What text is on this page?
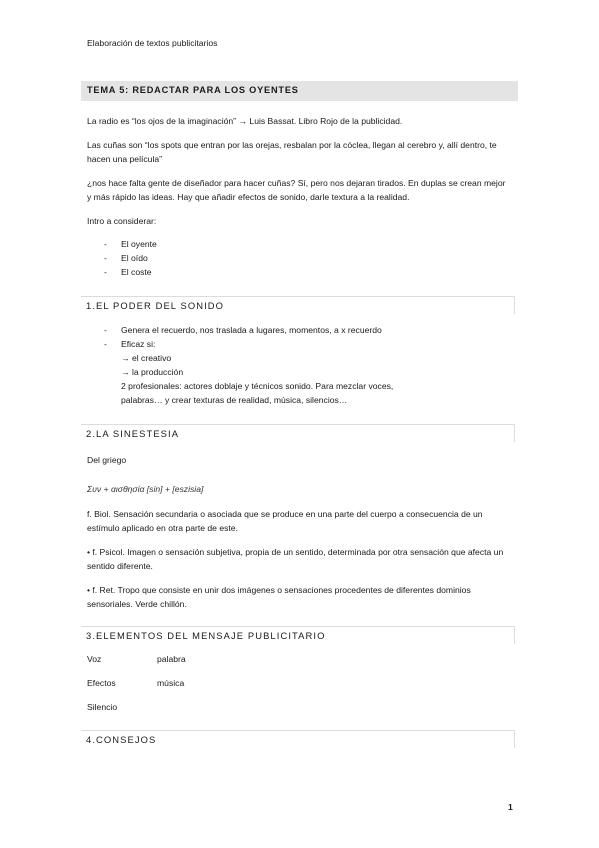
Elaboración de textos publicitarios
TEMA 5: REDACTAR PARA LOS OYENTES
La radio es “los ojos de la imaginación” → Luis Bassat. Libro Rojo de la publicidad.
Las cuñas son “los spots que entran por las orejas, resbalan por la cóclea, llegan al cerebro y, allí dentro, te hacen una película”
¿nos hace falta gente de diseñador para hacer cuñas? Sí, pero nos dejaran tirados. En duplas se crean mejor y más rápido las ideas. Hay que añadir efectos de sonido, darle textura a la realidad.
Intro a considerar:
- El oyente
- El oído
- El coste
1.EL PODER DEL SONIDO
- Genera el recuerdo, nos traslada a lugares, momentos, a x recuerdo
- Eficaz si:
→ el creativo
→ la producción
2 profesionales: actores doblaje y técnicos sonido. Para mezclar voces, palabras… y crear texturas de realidad, música, silencios…
2.LA SINESTESIA
Del griego
Συν + αισθησία [sin] + [eszisia]
f. Biol. Sensación secundaria o asociada que se produce en una parte del cuerpo a consecuencia de un estímulo aplicado en otra parte de este.
• f. Psicol. Imagen o sensación subjetiva, propia de un sentido, determinada por otra sensación que afecta un sentido diferente.
• f. Ret. Tropo que consiste en unir dos imágenes o sensaciones procedentes de diferentes dominios sensoriales. Verde chillón.
3.ELEMENTOS DEL MENSAJE PUBLICITARIO
Voz	palabra
Efectos	música
Silencio
4.CONSEJOS
1
